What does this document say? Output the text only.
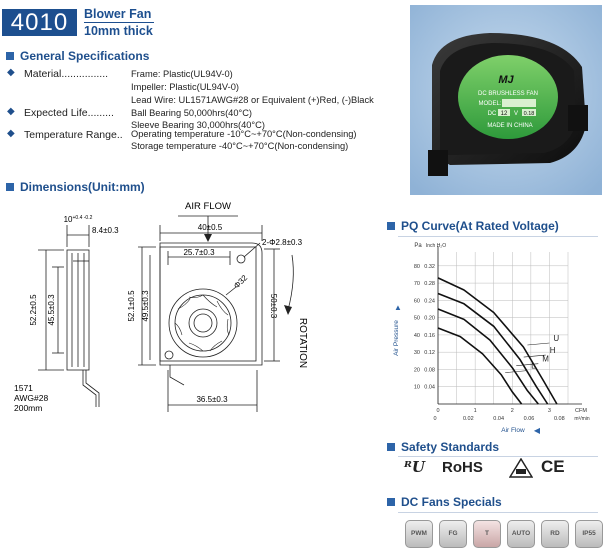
4010	Blower Fan
10mm thick
General Specifications
◆ Material................ Frame: Plastic(UL94V-0)
Impeller: Plastic(UL94V-0)
Lead Wire: UL1571AWG#28 or Equivalent (+)Red, (-)Black
◆ Expected Life......... Ball Bearing 50,000hrs(40°C)
Sleeve Bearing 30,000hrs(40°C)
◆ Temperature Range.. Operating temperature -10°C~+70°C(Non-condensing)
Storage temperature -40°C~+70°C(Non-condensing)
MJ
DC BRUSHLESS FAN
MODEL:
DC 12 V 0.18
MADE IN CHINA
Dimensions(Unit:mm)
$10^{+0.4 -0.2}$
8.4±0.3
52.2±0.5 45.5±0.3
1571
AWG#28
200mm
AIR FLOW
40±0.5
25.7±0.3
2-Φ2.8±0.3
Φ32
52.1±0.5 49.5±0.3	50±0.3
36.5±0.3
ROTATION
PQ Curve(At Rated Voltage)
Pa Inch H₂O
10
20
30
40
50
60
70
80
0.04
0.08
0.12
0.16
0.20
0.24
0.28
0.32
0	1	2	3	CFM
0.02	0.04	0.06	0.08
0	m³/min
Air Flow ◀
Air Pressure
▲
U
H
M
L
Safety Standards
ᴿU RoHS	CE
DC Fans Specials
PWM	FG	T	AUTO	RD	IP55
